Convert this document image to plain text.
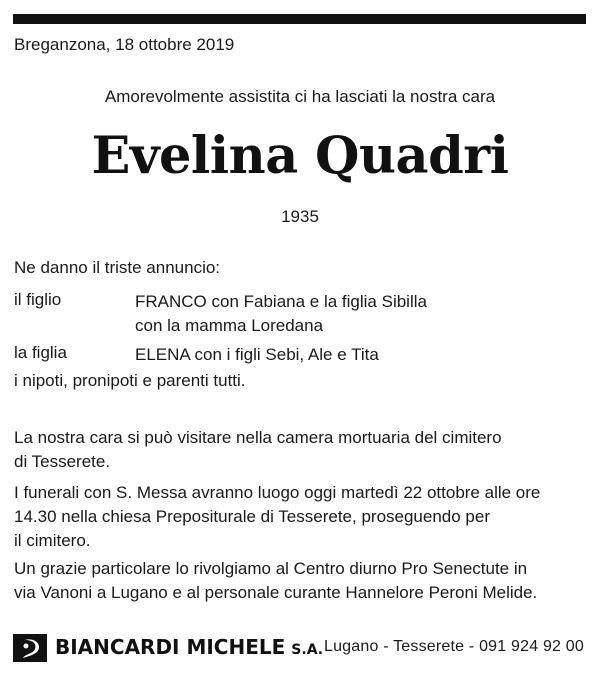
Breganzona, 18 ottobre 2019
Amorevolmente assistita ci ha lasciati la nostra cara
Evelina Quadri
1935
Ne danno il triste annuncio:
il figlio	FRANCO con Fabiana e la figlia Sibilla
con la mamma Loredana
la figlia	ELENA con i figli Sebi, Ale e Tita
i nipoti, pronipoti e parenti tutti.
La nostra cara si può visitare nella camera mortuaria del cimitero
di Tesserete.
I funerali con S. Messa avranno luogo oggi martedì 22 ottobre alle ore
14.30 nella chiesa Prepositurale di Tesserete, proseguendo per
il cimitero.
Un grazie particolare lo rivolgiamo al Centro diurno Pro Senectute in
via Vanoni a Lugano e al personale curante Hannelore Peroni Melide.
BIANCARDI MICHELE S.A. Lugano - Tesserete - 091 924 92 00
